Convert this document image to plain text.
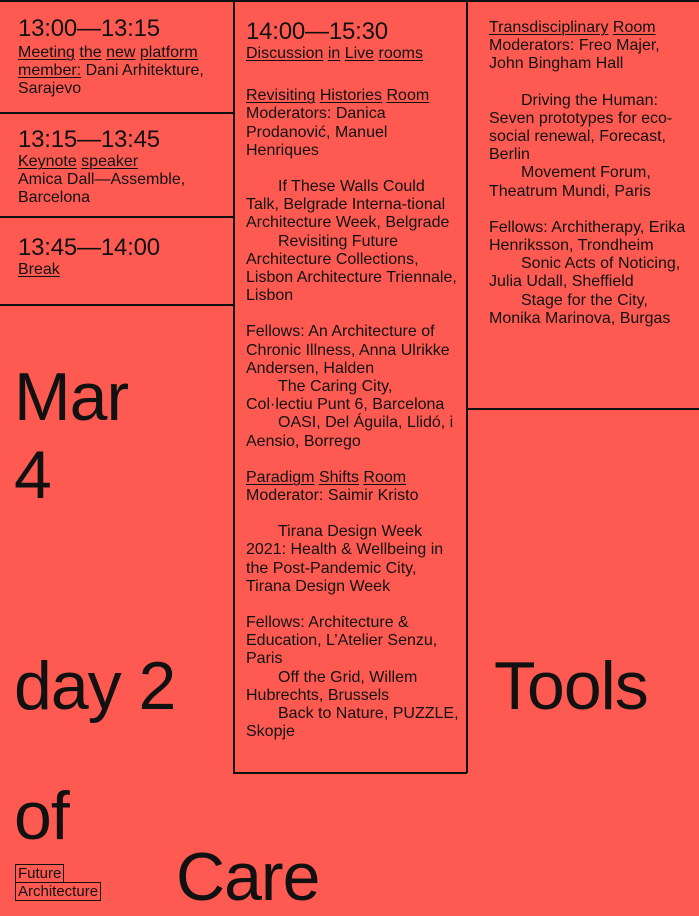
13:00—13:15
Meeting the new platform member: Dani Arhitekture, Sarajevo
13:15—13:45
Keynote speaker
Amica Dall—Assemble, Barcelona
13:45—14:00
Break
14:00—15:30
Discussion in Live rooms
Revisiting Histories Room
Moderators: Danica Prodanović, Manuel Henriques
If These Walls Could Talk, Belgrade Interna-tional Architecture Week, Belgrade
Revisiting Future Architecture Collections, Lisbon Architecture Triennale, Lisbon
Fellows: An Architecture of Chronic Illness, Anna Ulrikke Andersen, Halden
The Caring City, Col·lectiu Punt 6, Barcelona
OASI, Del Águila, Llidó, i Aensio, Borrego
Paradigm Shifts Room
Moderator: Saimir Kristo
Tirana Design Week 2021: Health & Wellbeing in the Post-Pandemic City, Tirana Design Week
Fellows: Architecture & Education, L’Atelier Senzu, Paris
Off the Grid, Willem Hubrechts, Brussels
Back to Nature, PUZZLE, Skopje
Transdisciplinary Room
Moderators: Freo Majer, John Bingham Hall
Driving the Human: Seven prototypes for eco-social renewal, Forecast, Berlin
Movement Forum, Theatrum Mundi, Paris
Fellows: Architherapy, Erika Henriksson, Trondheim
Sonic Acts of Noticing, Julia Udall, Sheffield
Stage for the City, Monika Marinova, Burgas
Mar
4
day 2	Tools
of
Care
Future
Architecture
